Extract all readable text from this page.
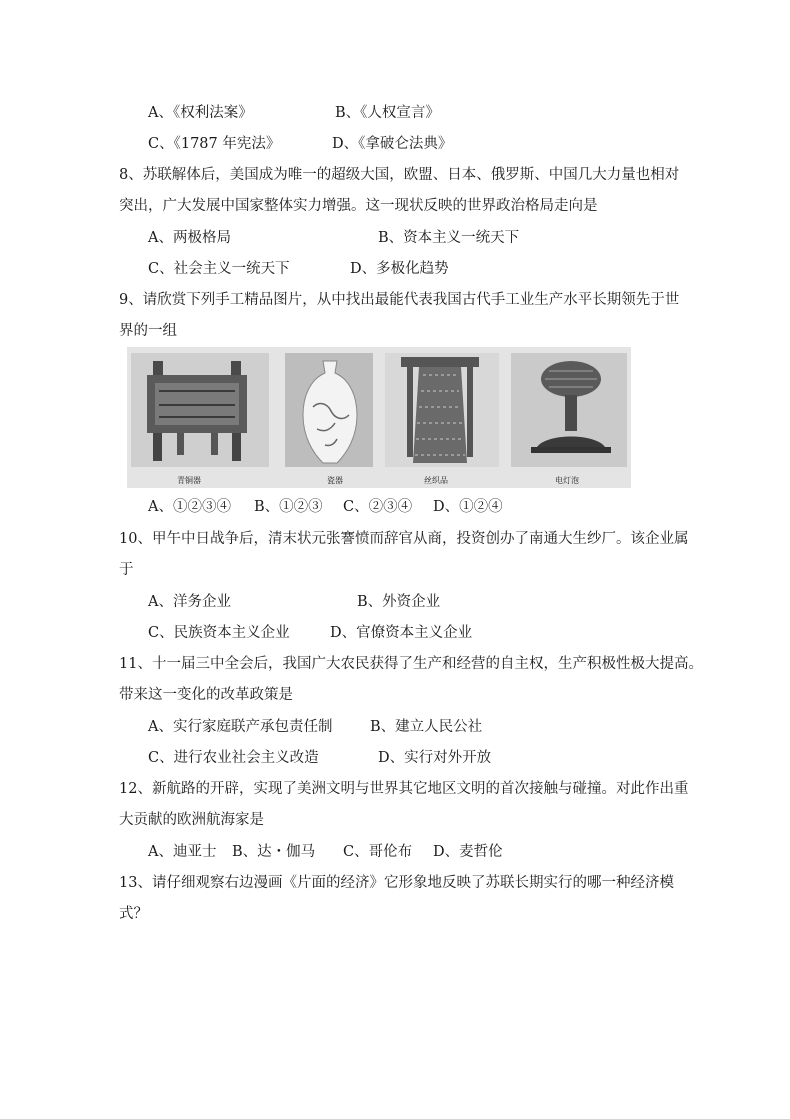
A、《权利法案》	B、《人权宣言》
C、《1787 年宪法》	D、《拿破仑法典》
8、苏联解体后，美国成为唯一的超级大国，欧盟、日本、俄罗斯、中国几大力量也相对
突出，广大发展中国家整体实力增强。这一现状反映的世界政治格局走向是
A、两极格局	B、资本主义一统天下
C、社会主义一统天下	D、多极化趋势
9、请欣赏下列手工精品图片，从中找出最能代表我国古代手工业生产水平长期领先于世
界的一组
青铜器	瓷器	丝织品	电灯泡
A、①②③④ B、①②③ C、②③④ D、①②④
10、甲午中日战争后，清末状元张謇愤而辞官从商，投资创办了南通大生纱厂。该企业属
于
A、洋务企业	B、外资企业
C、民族资本主义企业	D、官僚资本主义企业
11、十一届三中全会后，我国广大农民获得了生产和经营的自主权，生产积极性极大提高。
带来这一变化的改革政策是
A、实行家庭联产承包责任制	B、建立人民公社
C、进行农业社会主义改造	D、实行对外开放
12、新航路的开辟，实现了美洲文明与世界其它地区文明的首次接触与碰撞。对此作出重
大贡献的欧洲航海家是
A、迪亚士 B、达・伽马 C、哥伦布 D、麦哲伦
13、请仔细观察右边漫画《片面的经济》它形象地反映了苏联长期实行的哪一种经济模
式？
